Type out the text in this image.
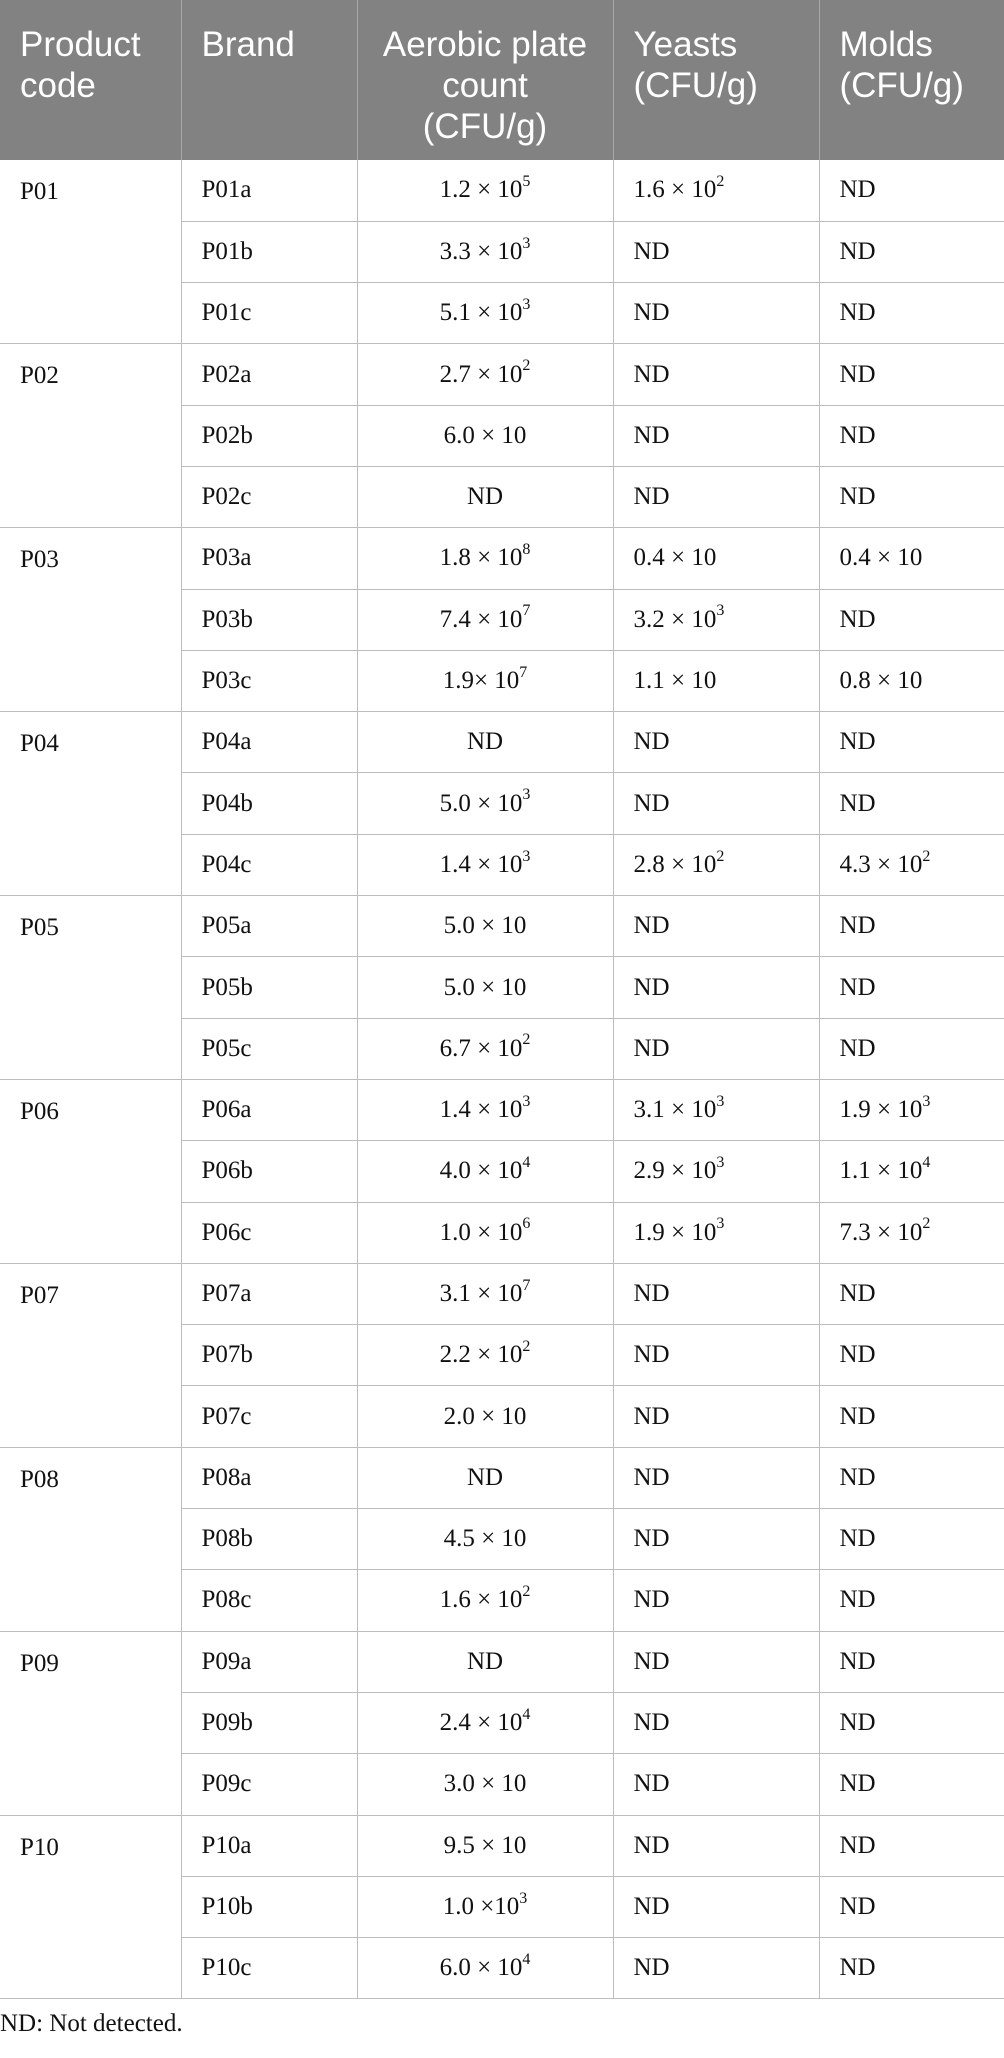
Product code	Brand	Aerobic plate count (CFU/g)	Yeasts (CFU/g)	Molds (CFU/g)
P01	P01a	$1.2 \times 10^5$	$1.6 \times 10^2$	ND
	P01b	$3.3 \times 10^3$	ND	ND
	P01c	$5.1 \times 10^3$	ND	ND
P02	P02a	$2.7 \times 10^2$	ND	ND
	P02b	6.0 × 10	ND	ND
	P02c	ND	ND	ND
P03	P03a	$1.8 \times 10^8$	0.4 × 10	0.4 × 10
	P03b	$7.4 \times 10^7$	$3.2 \times 10^3$	ND
	P03c	$1.9\times 10^7$	1.1 × 10	0.8 × 10
P04	P04a	ND	ND	ND
	P04b	$5.0 \times 10^3$	ND	ND
	P04c	$1.4 \times 10^3$	$2.8 \times 10^2$	$4.3 \times 10^2$
P05	P05a	5.0 × 10	ND	ND
	P05b	5.0 × 10	ND	ND
	P05c	$6.7 \times 10^2$	ND	ND
P06	P06a	$1.4 \times 10^3$	$3.1 \times 10^3$	$1.9 \times 10^3$
	P06b	$4.0 \times 10^4$	$2.9 \times 10^3$	$1.1 \times 10^4$
	P06c	$1.0 \times 10^6$	$1.9 \times 10^3$	$7.3 \times 10^2$
P07	P07a	$3.1 \times 10^7$	ND	ND
	P07b	$2.2 \times 10^2$	ND	ND
	P07c	2.0 × 10	ND	ND
P08	P08a	ND	ND	ND
	P08b	4.5 × 10	ND	ND
	P08c	$1.6 \times 10^2$	ND	ND
P09	P09a	ND	ND	ND
	P09b	$2.4 \times 10^4$	ND	ND
	P09c	3.0 × 10	ND	ND
P10	P10a	9.5 × 10	ND	ND
	P10b	$1.0 \times 10^3$	ND	ND
	P10c	$6.0 \times 10^4$	ND	ND
ND: Not detected.
